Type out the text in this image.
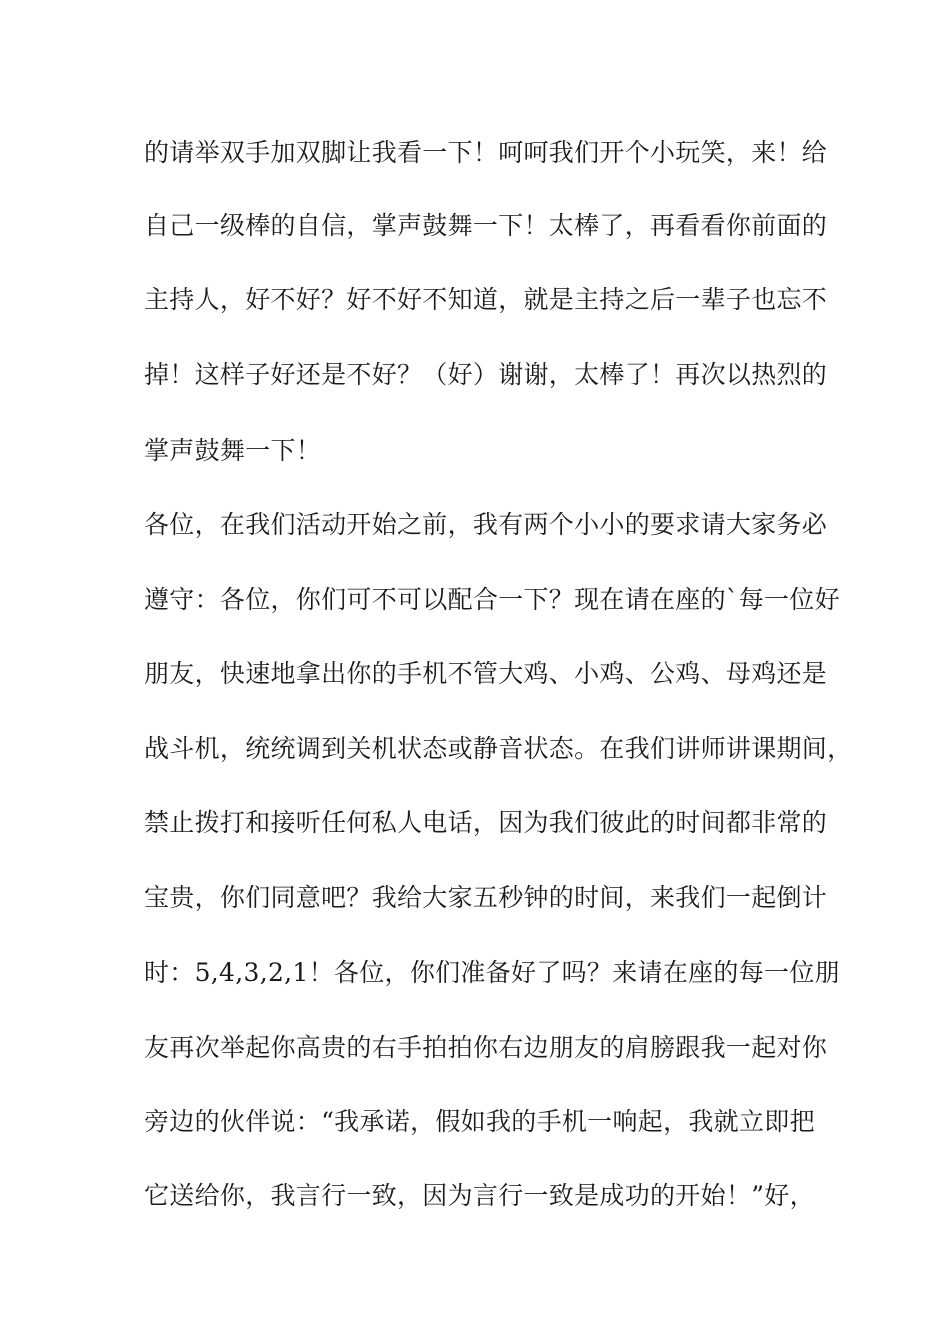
的请举双手加双脚让我看一下！呵呵我们开个小玩笑，来！给
自己一级棒的自信，掌声鼓舞一下！太棒了，再看看你前面的
主持人，好不好？好不好不知道，就是主持之后一辈子也忘不
掉！这样子好还是不好？（好）谢谢，太棒了！再次以热烈的
掌声鼓舞一下！
各位，在我们活动开始之前，我有两个小小的要求请大家务必
遵守：各位，你们可不可以配合一下？现在请在座的`每一位好
朋友，快速地拿出你的手机不管大鸡、小鸡、公鸡、母鸡还是
战斗机，统统调到关机状态或静音状态。在我们讲师讲课期间，
禁止拨打和接听任何私人电话，因为我们彼此的时间都非常的
宝贵，你们同意吧？我给大家五秒钟的时间，来我们一起倒计
时：5,4,3,2,1！各位，你们准备好了吗？来请在座的每一位朋
友再次举起你高贵的右手拍拍你右边朋友的肩膀跟我一起对你
旁边的伙伴说：“我承诺，假如我的手机一响起，我就立即把
它送给你，我言行一致，因为言行一致是成功的开始！”好，
